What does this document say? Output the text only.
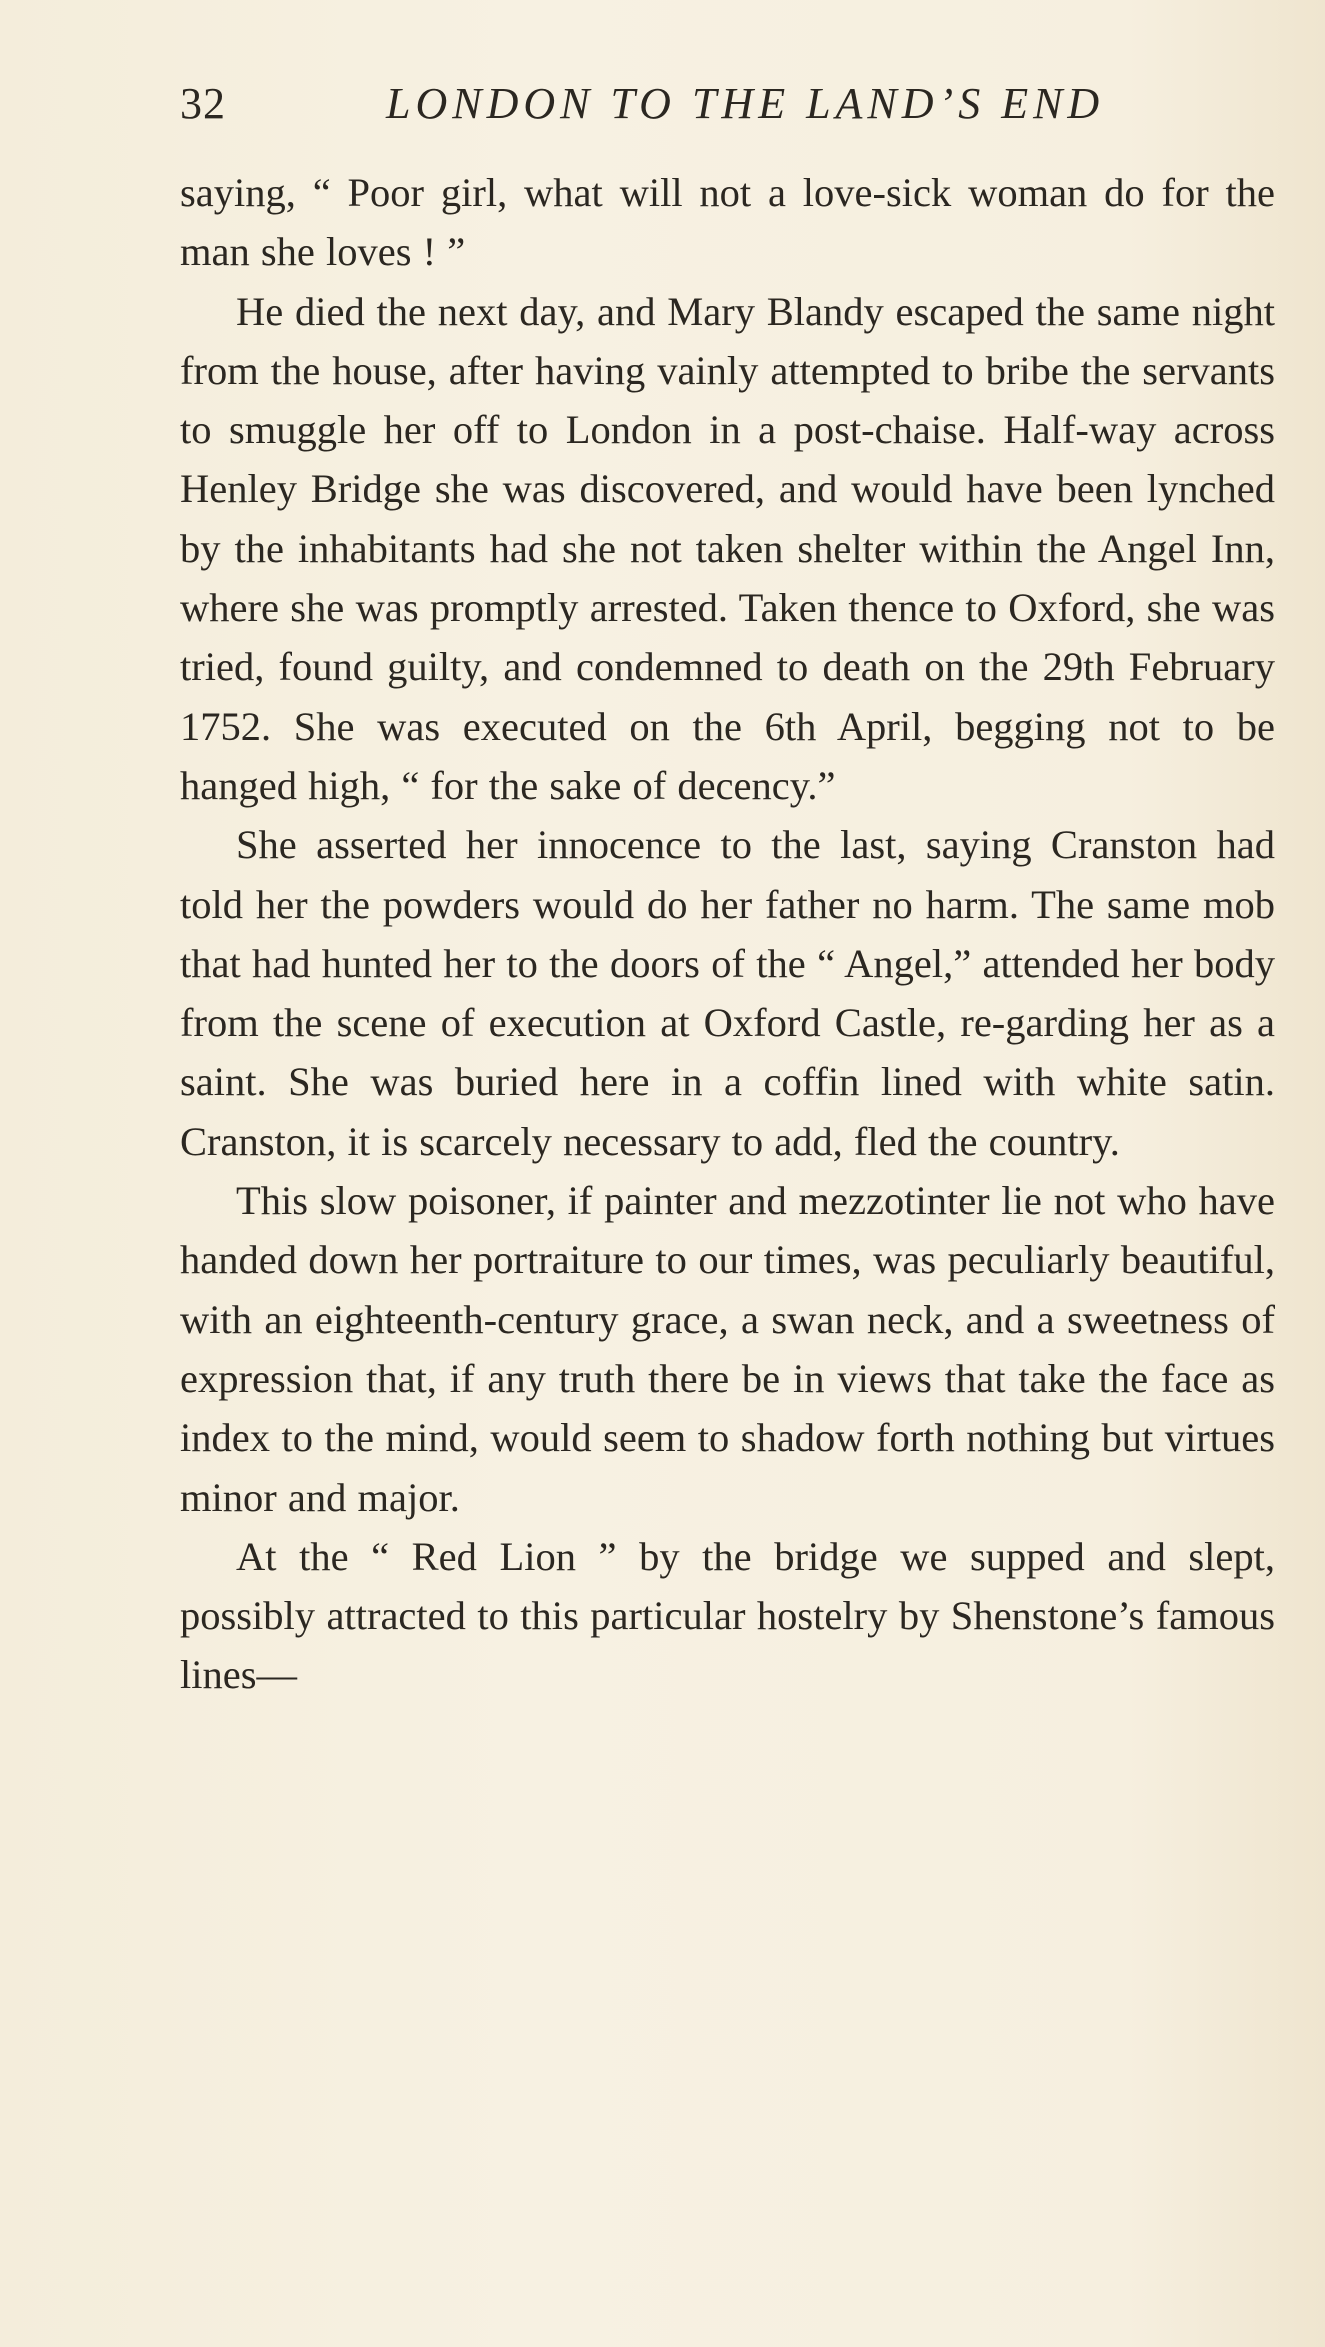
32	LONDON TO THE LAND’S END

saying, “ Poor girl, what will not a love-sick woman do for the man she loves ! ”

He died the next day, and Mary Blandy escaped the same night from the house, after having vainly attempted to bribe the servants to smuggle her off to London in a post-chaise. Half-way across Henley Bridge she was discovered, and would have been lynched by the inhabitants had she not taken shelter within the Angel Inn, where she was promptly arrested. Taken thence to Oxford, she was tried, found guilty, and condemned to death on the 29th February 1752. She was executed on the 6th April, begging not to be hanged high, “ for the sake of decency.”

She asserted her innocence to the last, saying Cranston had told her the powders would do her father no harm. The same mob that had hunted her to the doors of the “ Angel,” attended her body from the scene of execution at Oxford Castle, re-garding her as a saint. She was buried here in a coffin lined with white satin. Cranston, it is scarcely necessary to add, fled the country.

This slow poisoner, if painter and mezzotinter lie not who have handed down her portraiture to our times, was peculiarly beautiful, with an eighteenth-century grace, a swan neck, and a sweetness of expression that, if any truth there be in views that take the face as index to the mind, would seem to shadow forth nothing but virtues minor and major.

At the “ Red Lion ” by the bridge we supped and slept, possibly attracted to this particular hostelry by Shenstone’s famous lines—
